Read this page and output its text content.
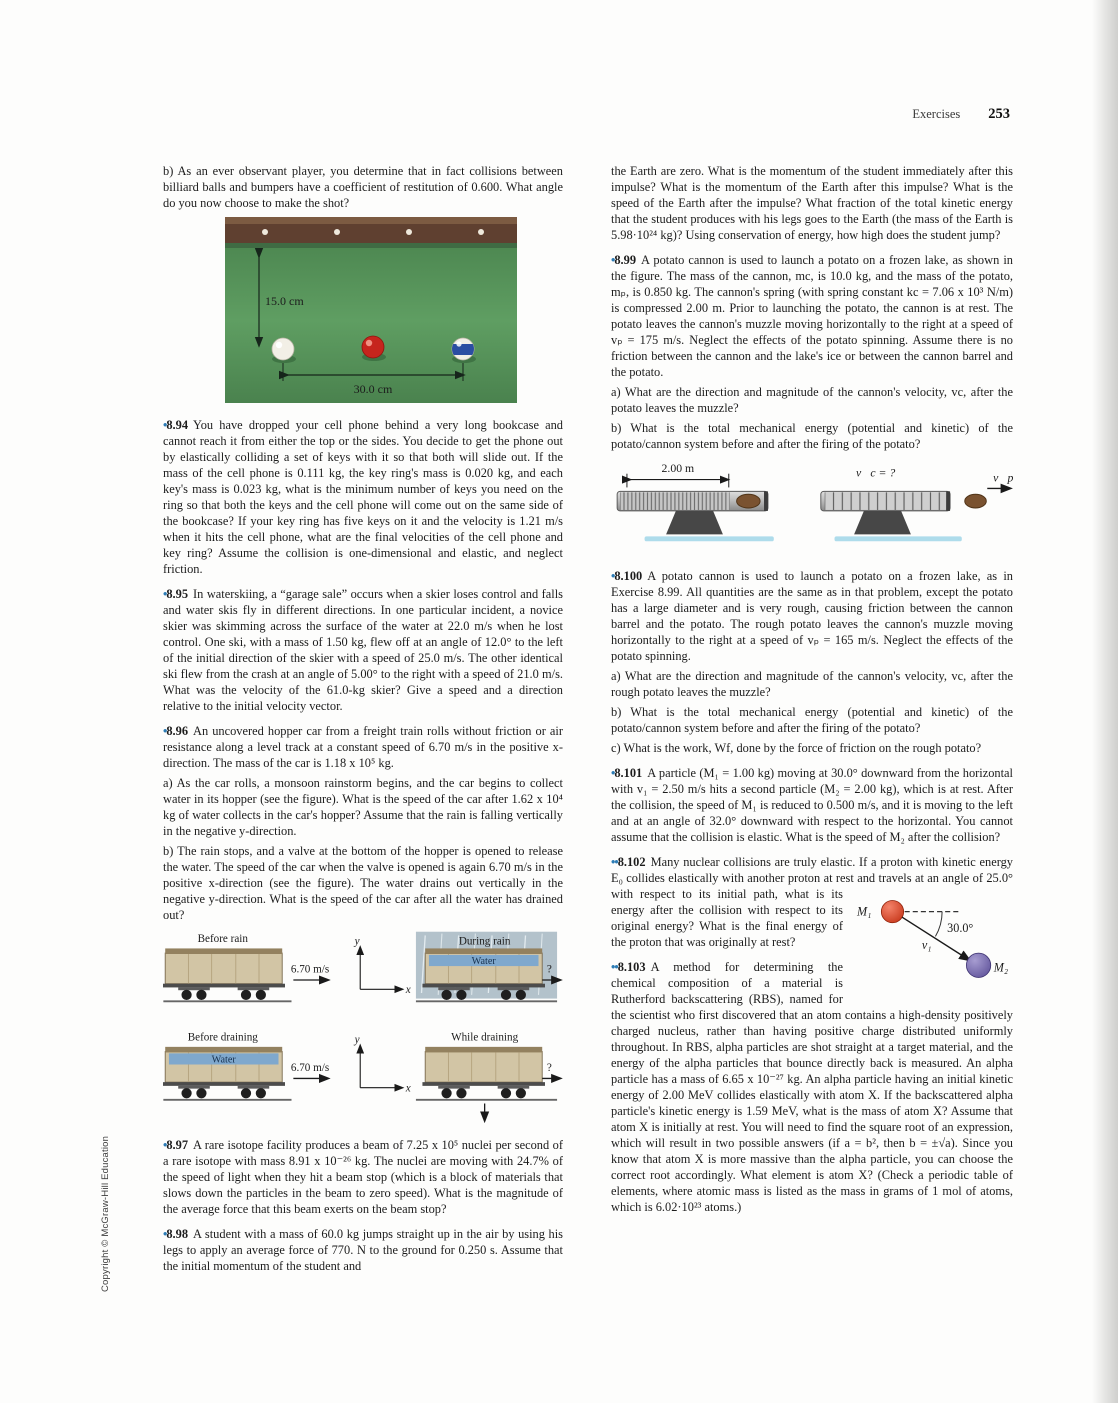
Exercises 253
Copyright © McGraw-Hill Education

b) As an ever observant player, you determine that in fact collisions between billiard balls and bumpers have a coefficient of restitution of 0.600. What angle do you now choose to make the shot?

15.0 cm
30.0 cm

•8.94 You have dropped your cell phone behind a very long bookcase and cannot reach it from either the top or the sides. You decide to get the phone out by elastically colliding a set of keys with it so that both will slide out. If the mass of the cell phone is 0.111 kg, the key ring's mass is 0.020 kg, and each key's mass is 0.023 kg, what is the minimum number of keys you need on the ring so that both the keys and the cell phone will come out on the same side of the bookcase? If your key ring has five keys on it and the velocity is 1.21 m/s when it hits the cell phone, what are the final velocities of the cell phone and key ring? Assume the collision is one-dimensional and elastic, and neglect friction.

•8.95 In waterskiing, a “garage sale” occurs when a skier loses control and falls and water skis fly in different directions. In one particular incident, a novice skier was skimming across the surface of the water at 22.0 m/s when he lost control. One ski, with a mass of 1.50 kg, flew off at an angle of 12.0° to the left of the initial direction of the skier with a speed of 25.0 m/s. The other identical ski flew from the crash at an angle of 5.00° to the right with a speed of 21.0 m/s. What was the velocity of the 61.0-kg skier? Give a speed and a direction relative to the initial velocity vector.

•8.96 An uncovered hopper car from a freight train rolls without friction or air resistance along a level track at a constant speed of 6.70 m/s in the positive x-direction. The mass of the car is 1.18 x 10⁵ kg.

a) As the car rolls, a monsoon rainstorm begins, and the car begins to collect water in its hopper (see the figure). What is the speed of the car after 1.62 x 10⁴ kg of water collects in the car's hopper? Assume that the rain is falling vertically in the negative y-direction.

b) The rain stops, and a valve at the bottom of the hopper is opened to release the water. The speed of the car when the valve is opened is again 6.70 m/s in the positive x-direction (see the figure). The water drains out vertically in the negative y-direction. What is the speed of the car after all the water has drained out?

Before rain
6.70 m/s
y
x
During rain
Water
?
Before draining
Water
6.70 m/s
y
x
While draining
?

•8.97 A rare isotope facility produces a beam of 7.25 x 10⁵ nuclei per second of a rare isotope with mass 8.91 x 10⁻²⁶ kg. The nuclei are moving with 24.7% of the speed of light when they hit a beam stop (which is a block of materials that slows down the particles in the beam to zero speed). What is the magnitude of the average force that this beam exerts on the beam stop?

•8.98 A student with a mass of 60.0 kg jumps straight up in the air by using his legs to apply an average force of 770. N to the ground for 0.250 s. Assume that the initial momentum of the student and

the Earth are zero. What is the momentum of the student immediately after this impulse? What is the momentum of the Earth after this impulse? What is the speed of the Earth after the impulse? What fraction of the total kinetic energy that the student produces with his legs goes to the Earth (the mass of the Earth is 5.98·10²⁴ kg)? Using conservation of energy, how high does the student jump?

•8.99 A potato cannon is used to launch a potato on a frozen lake, as shown in the figure. The mass of the cannon, mc, is 10.0 kg, and the mass of the potato, mₚ, is 0.850 kg. The cannon's spring (with spring constant kc = 7.06 x 10³ N/m) is compressed 2.00 m. Prior to launching the potato, the cannon is at rest. The potato leaves the cannon's muzzle moving horizontally to the right at a speed of vₚ = 175 m/s. Neglect the effects of the potato spinning. Assume there is no friction between the cannon and the lake's ice or between the cannon barrel and the potato.

a) What are the direction and magnitude of the cannon's velocity, vc, after the potato leaves the muzzle?

b) What is the total mechanical energy (potential and kinetic) of the potato/cannon system before and after the firing of the potato?

2.00 m	v⃗c = ?	v⃗p

•8.100 A potato cannon is used to launch a potato on a frozen lake, as in Exercise 8.99. All quantities are the same as in that problem, except the potato has a large diameter and is very rough, causing friction between the cannon barrel and the potato. The rough potato leaves the cannon's muzzle moving horizontally to the right at a speed of vₚ = 165 m/s. Neglect the effects of the potato spinning.

a) What are the direction and magnitude of the cannon's velocity, vc, after the rough potato leaves the muzzle?

b) What is the total mechanical energy (potential and kinetic) of the potato/cannon system before and after the firing of the potato?

c) What is the work, Wf, done by the force of friction on the rough potato?

•8.101 A particle (M₁ = 1.00 kg) moving at 30.0° downward from the horizontal with v₁ = 2.50 m/s hits a second particle (M₂ = 2.00 kg), which is at rest. After the collision, the speed of M₁ is reduced to 0.500 m/s, and it is moving to the left and at an angle of 32.0° downward with respect to the horizontal. You cannot assume that the collision is elastic. What is the speed of M₂ after the collision?

••8.102 Many nuclear collisions are truly elastic. If a proton with kinetic energy E₀ collides elastically with another proton at rest and
M₁
30.0°
v₁
M₂
travels at an angle of 25.0° with respect to its initial path, what is its energy after the collision with respect to its original energy? What is the final energy of the proton that was originally at rest?

••8.103 A method for determining the chemical composition of a material is Rutherford backscattering (RBS), named for the scientist who first discovered that an atom contains a high-density positively charged nucleus, rather than having positive charge distributed uniformly throughout. In RBS, alpha particles are shot straight at a target material, and the energy of the alpha particles that bounce directly back is measured. An alpha particle has a mass of 6.65 x 10⁻²⁷ kg. An alpha particle having an initial kinetic energy of 2.00 MeV collides elastically with atom X. If the backscattered alpha particle's kinetic energy is 1.59 MeV, what is the mass of atom X? Assume that atom X is initially at rest. You will need to find the square root of an expression, which will result in two possible answers (if a = b², then b = ±√a). Since you know that atom X is more massive than the alpha particle, you can choose the correct root accordingly. What element is atom X? (Check a periodic table of elements, where atomic mass is listed as the mass in grams of 1 mol of atoms, which is 6.02·10²³ atoms.)
